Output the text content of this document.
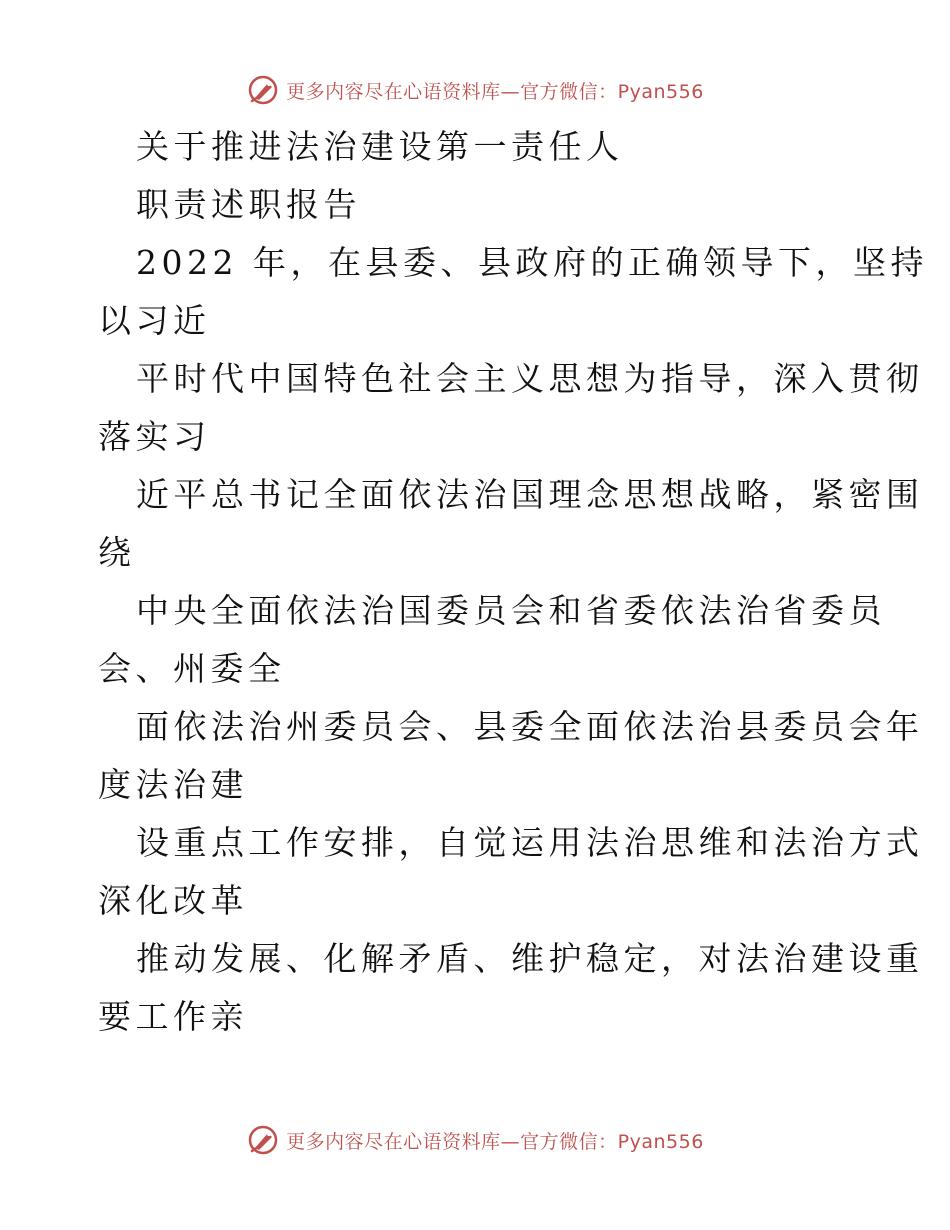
更多内容尽在心语资料库—官方微信：Pyan556
关于推进法治建设第一责任人
职责述职报告
2022 年，在县委、县政府的正确领导下，坚持
以习近
平时代中国特色社会主义思想为指导，深入贯彻
落实习
近平总书记全面依法治国理念思想战略，紧密围
绕
中央全面依法治国委员会和省委依法治省委员
会、州委全
面依法治州委员会、县委全面依法治县委员会年
度法治建
设重点工作安排，自觉运用法治思维和法治方式
深化改革
推动发展、化解矛盾、维护稳定，对法治建设重
要工作亲
更多内容尽在心语资料库—官方微信：Pyan556
